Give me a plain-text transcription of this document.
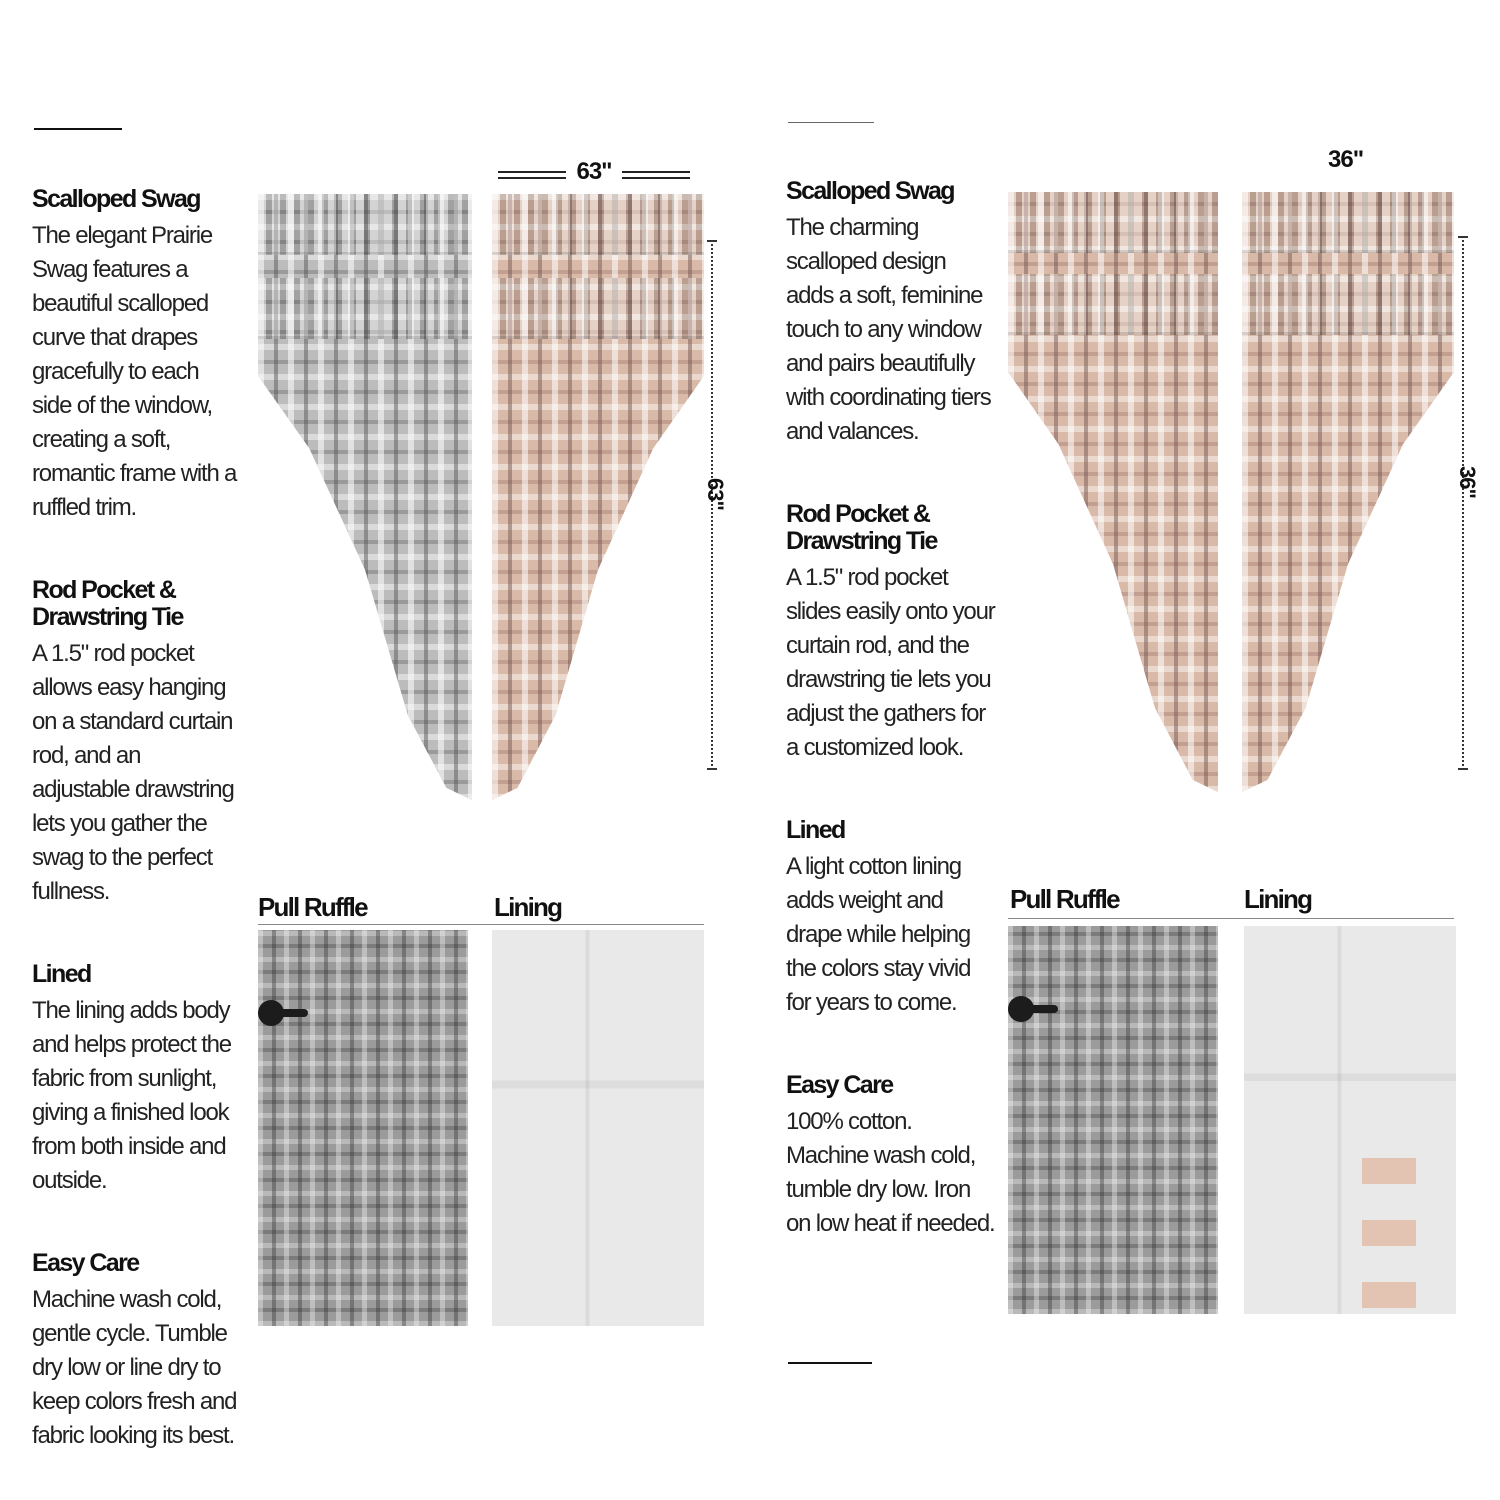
Scalloped Swag

The elegant Prairie Swag features a beautiful scalloped curve that drapes gracefully to each side of the window, creating a soft, romantic frame with a ruffled trim.

Rod Pocket & Drawstring Tie

A 1.5" rod pocket allows easy hanging on a standard curtain rod, and an adjustable drawstring lets you gather the swag to the perfect fullness.

Lined

The lining adds body and helps protect the fabric from sunlight, giving a finished look from both inside and outside.

Easy Care

Machine wash cold, gentle cycle. Tumble dry low or line dry to keep colors fresh and fabric looking its best.

63"
63"
Pull Ruffle	Lining
Scalloped Swag

The charming scalloped design adds a soft, feminine touch to any window and pairs beautifully with coordinating tiers and valances.

Rod Pocket & Drawstring Tie

A 1.5" rod pocket slides easily onto your curtain rod, and the drawstring tie lets you adjust the gathers for a customized look.

Lined

A light cotton lining adds weight and drape while helping the colors stay vivid for years to come.

Easy Care

100% cotton. Machine wash cold, tumble dry low. Iron on low heat if needed.

36"
36"
Pull Ruffle	Lining
